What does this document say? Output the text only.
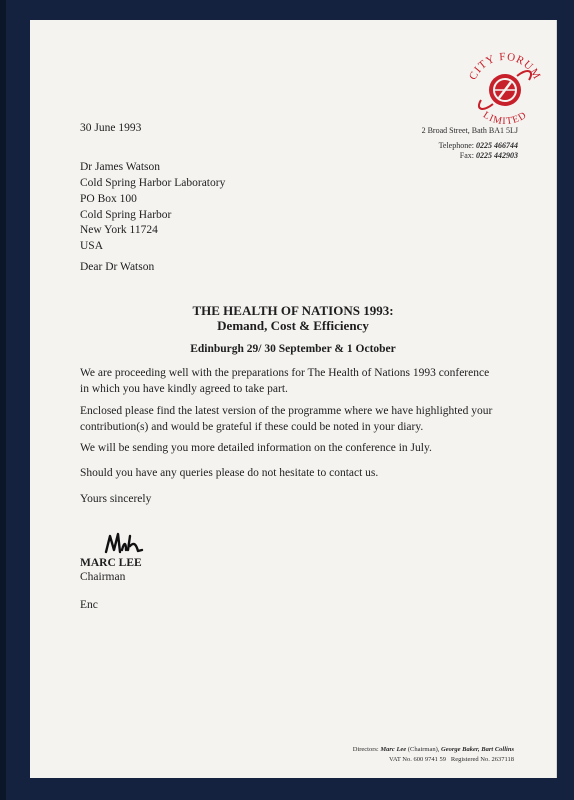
CITY FORUM
LIMITED
2 Broad Street, Bath BA1 5LJ
Telephone: 0225 466744
Fax: 0225 442903
30 June 1993
Dr James Watson
Cold Spring Harbor Laboratory
PO Box 100
Cold Spring Harbor
New York 11724
USA
Dear Dr Watson
THE HEALTH OF NATIONS 1993:
Demand, Cost & Efficiency
Edinburgh 29/ 30 September & 1 October
We are proceeding well with the preparations for The Health of Nations 1993 conference
in which you have kindly agreed to take part.
Enclosed please find the latest version of the programme where we have highlighted your
contribution(s) and would be grateful if these could be noted in your diary.
We will be sending you more detailed information on the conference in July.
Should you have any queries please do not hesitate to contact us.
Yours sincerely
MARC LEE
Chairman
Enc
Directors: Marc Lee (Chairman), George Baker, Bart Collins
VAT No. 600 9741 59 Registered No. 2637118
